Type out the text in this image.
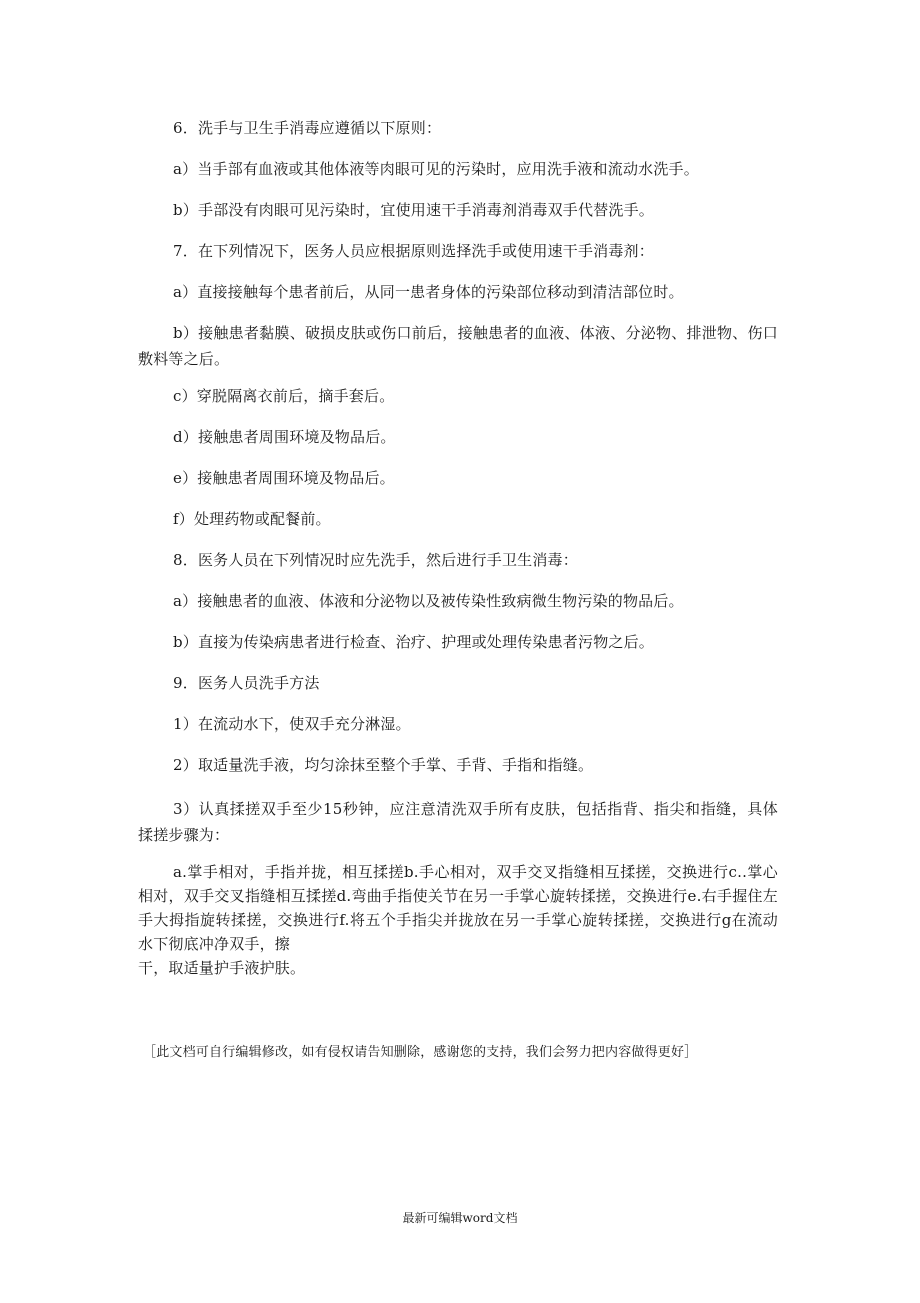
6．洗手与卫生手消毒应遵循以下原则：
a）当手部有血液或其他体液等肉眼可见的污染时，应用洗手液和流动水洗手。
b）手部没有肉眼可见污染时，宜使用速干手消毒剂消毒双手代替洗手。
7．在下列情况下，医务人员应根据原则选择洗手或使用速干手消毒剂：
a）直接接触每个患者前后，从同一患者身体的污染部位移动到清洁部位时。
b）接触患者黏膜、破损皮肤或伤口前后，接触患者的血液、体液、分泌物、排泄物、伤口敷料等之后。
c）穿脱隔离衣前后，摘手套后。
d）接触患者周围环境及物品后。
e）接触患者周围环境及物品后。
f）处理药物或配餐前。
8．医务人员在下列情况时应先洗手，然后进行手卫生消毒：
a）接触患者的血液、体液和分泌物以及被传染性致病微生物污染的物品后。
b）直接为传染病患者进行检查、治疗、护理或处理传染患者污物之后。
9．医务人员洗手方法
1）在流动水下，使双手充分淋湿。
2）取适量洗手液，均匀涂抹至整个手掌、手背、手指和指缝。
3）认真揉搓双手至少15秒钟，应注意清洗双手所有皮肤，包括指背、指尖和指缝，具体揉搓步骤为：
a.掌手相对，手指并拢，相互揉搓b.手心相对，双手交叉指缝相互揉搓，交换进行c..掌心相对，双手交叉指缝相互揉搓d.弯曲手指使关节在另一手掌心旋转揉搓，交换进行e.右手握住左手大拇指旋转揉搓，交换进行f.将五个手指尖并拢放在另一手掌心旋转揉搓，交换进行g在流动水下彻底冲净双手，擦
干，取适量护手液护肤。
［此文档可自行编辑修改，如有侵权请告知删除，感谢您的支持，我们会努力把内容做得更好］
最新可编辑word文档
